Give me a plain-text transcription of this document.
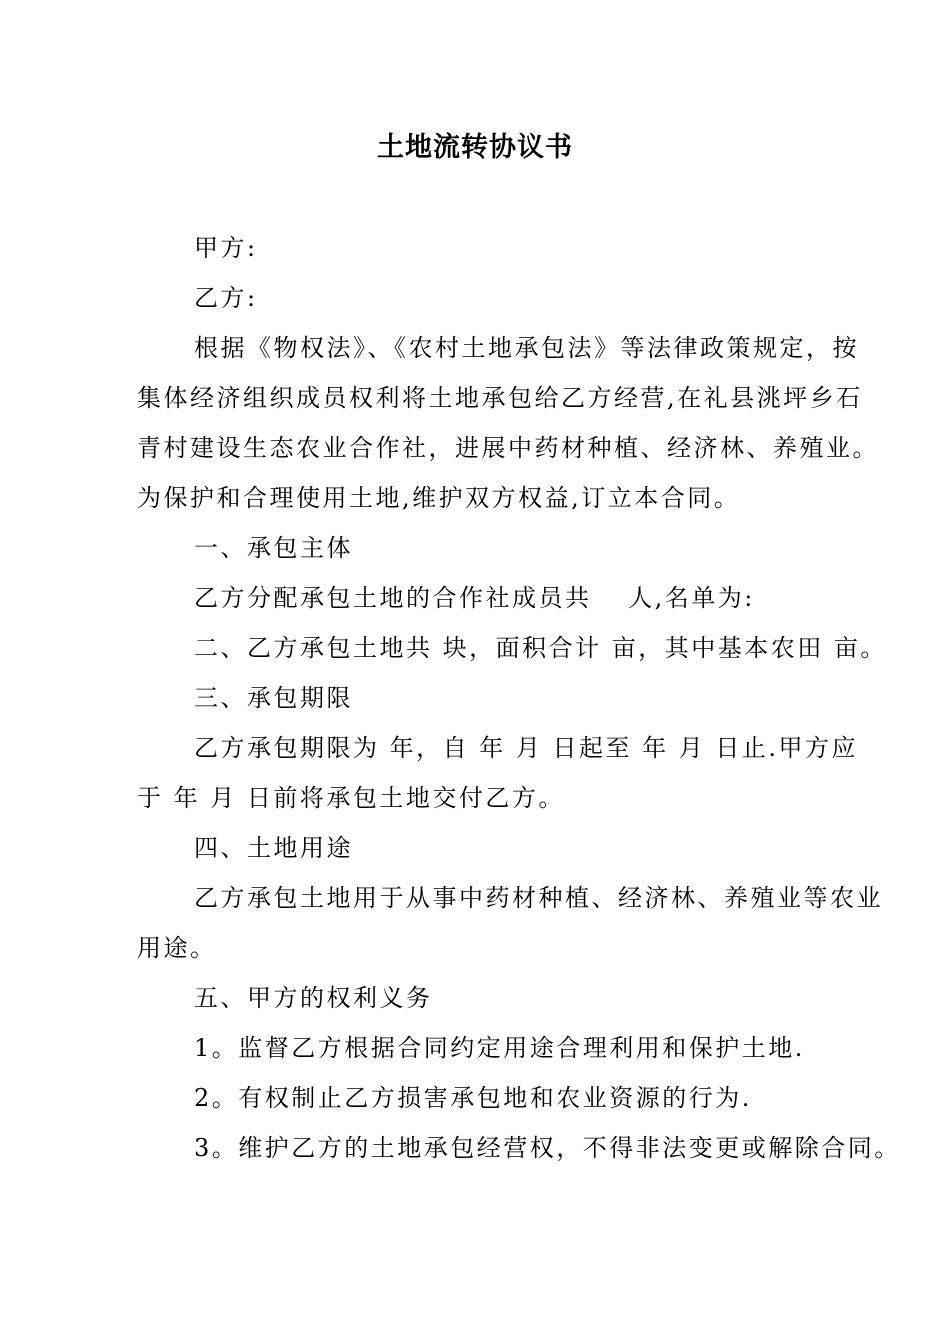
土地流转协议书
甲方:
乙方:
根据《物权法》、《农村土地承包法》等法律政策规定，按
集体经济组织成员权利将土地承包给乙方经营,在礼县洮坪乡石
青村建设生态农业合作社，进展中药材种植、经济林、养殖业。
为保护和合理使用土地,维护双方权益,订立本合同。
一、承包主体
乙方分配承包土地的合作社成员共　 人,名单为:
二、乙方承包土地共 块，面积合计 亩，其中基本农田 亩。
三、承包期限
乙方承包期限为 年，自 年 月 日起至 年 月 日止.甲方应
于 年 月 日前将承包土地交付乙方。
四、土地用途
乙方承包土地用于从事中药材种植、经济林、养殖业等农业
用途。
五、甲方的权利义务
1。监督乙方根据合同约定用途合理利用和保护土地.
2。有权制止乙方损害承包地和农业资源的行为.
3。维护乙方的土地承包经营权，不得非法变更或解除合同。
